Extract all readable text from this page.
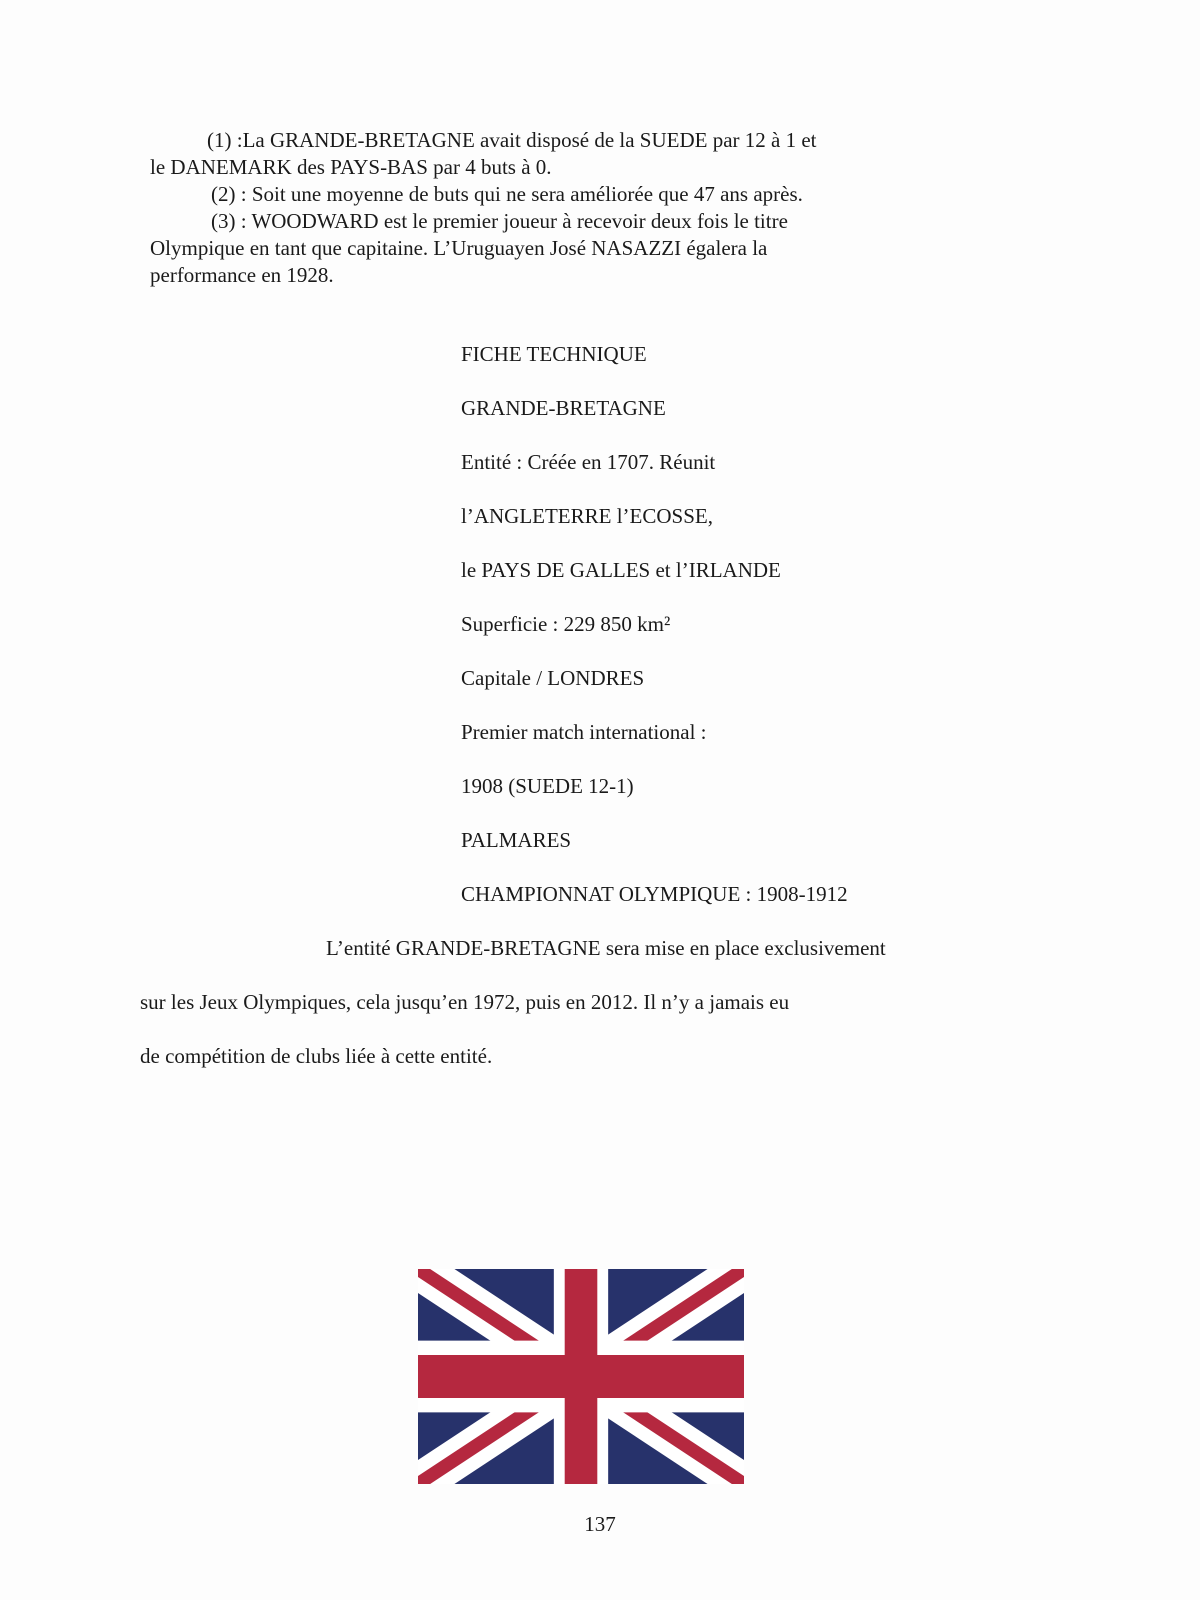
(1) :La GRANDE-BRETAGNE avait disposé de la SUEDE par 12 à 1 et

le DANEMARK des PAYS-BAS par 4 buts à 0.

(2) : Soit une moyenne de buts qui ne sera améliorée que 47 ans après.

(3) : WOODWARD est le premier joueur à recevoir deux fois le titre

Olympique en tant que capitaine. L’Uruguayen José NASAZZI égalera la

performance en 1928.

FICHE TECHNIQUE

GRANDE-BRETAGNE

Entité : Créée en 1707. Réunit

l’ANGLETERRE l’ECOSSE,

le PAYS DE GALLES et l’IRLANDE

Superficie : 229 850 km²

Capitale / LONDRES

Premier match international :

1908 (SUEDE 12-1)

PALMARES

CHAMPIONNAT OLYMPIQUE : 1908-1912

L’entité GRANDE-BRETAGNE sera mise en place exclusivement

sur les Jeux Olympiques, cela jusqu’en 1972, puis en 2012. Il n’y a jamais eu

de compétition de clubs liée à cette entité.

137
